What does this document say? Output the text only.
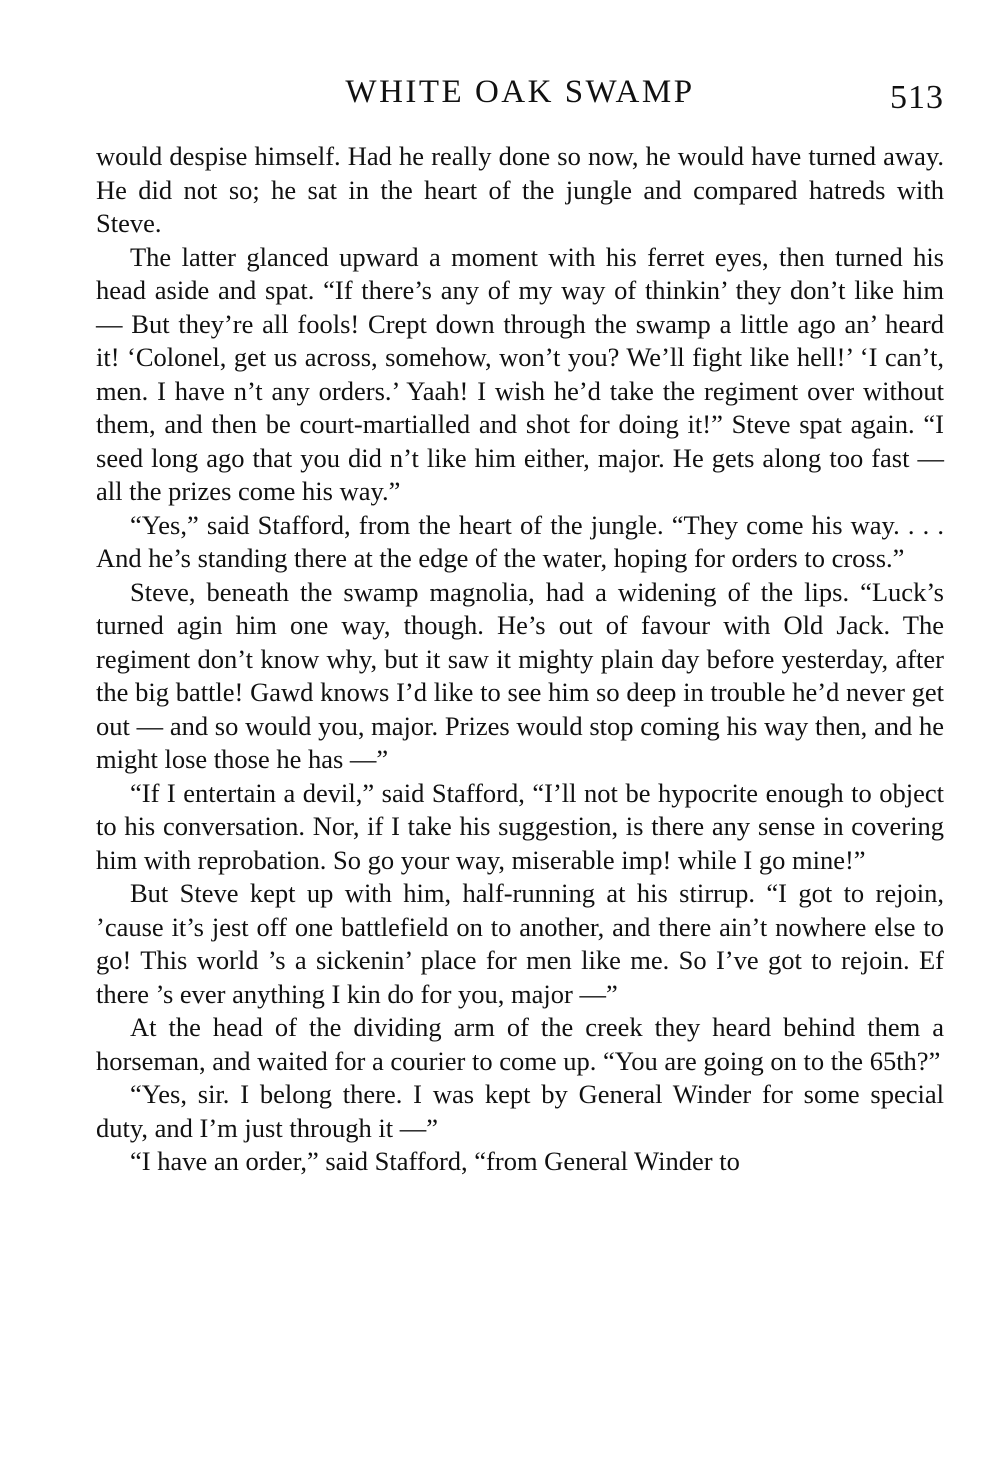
WHITE OAK SWAMP	513

would despise himself. Had he really done so now, he would have turned away. He did not so; he sat in the heart of the jungle and compared hatreds with Steve.

The latter glanced upward a moment with his ferret eyes, then turned his head aside and spat. “If there’s any of my way of thinkin’ they don’t like him — But they’re all fools! Crept down through the swamp a little ago an’ heard it! ‘Colonel, get us across, somehow, won’t you? We’ll fight like hell!’ ‘I can’t, men. I have n’t any orders.’ Yaah! I wish he’d take the regiment over without them, and then be court-martialled and shot for doing it!” Steve spat again. “I seed long ago that you did n’t like him either, major. He gets along too fast — all the prizes come his way.”

“Yes,” said Stafford, from the heart of the jungle. “They come his way. . . . And he’s standing there at the edge of the water, hoping for orders to cross.”

Steve, beneath the swamp magnolia, had a widening of the lips. “Luck’s turned agin him one way, though. He’s out of favour with Old Jack. The regiment don’t know why, but it saw it mighty plain day before yesterday, after the big battle! Gawd knows I’d like to see him so deep in trouble he’d never get out — and so would you, major. Prizes would stop coming his way then, and he might lose those he has —”

“If I entertain a devil,” said Stafford, “I’ll not be hypocrite enough to object to his conversation. Nor, if I take his suggestion, is there any sense in covering him with reprobation. So go your way, miserable imp! while I go mine!”

But Steve kept up with him, half-running at his stirrup. “I got to rejoin, ’cause it’s jest off one battlefield on to another, and there ain’t nowhere else to go! This world ’s a sickenin’ place for men like me. So I’ve got to rejoin. Ef there ’s ever anything I kin do for you, major —”

At the head of the dividing arm of the creek they heard behind them a horseman, and waited for a courier to come up. “You are going on to the 65th?”

“Yes, sir. I belong there. I was kept by General Winder for some special duty, and I’m just through it —”

“I have an order,” said Stafford, “from General Winder to
